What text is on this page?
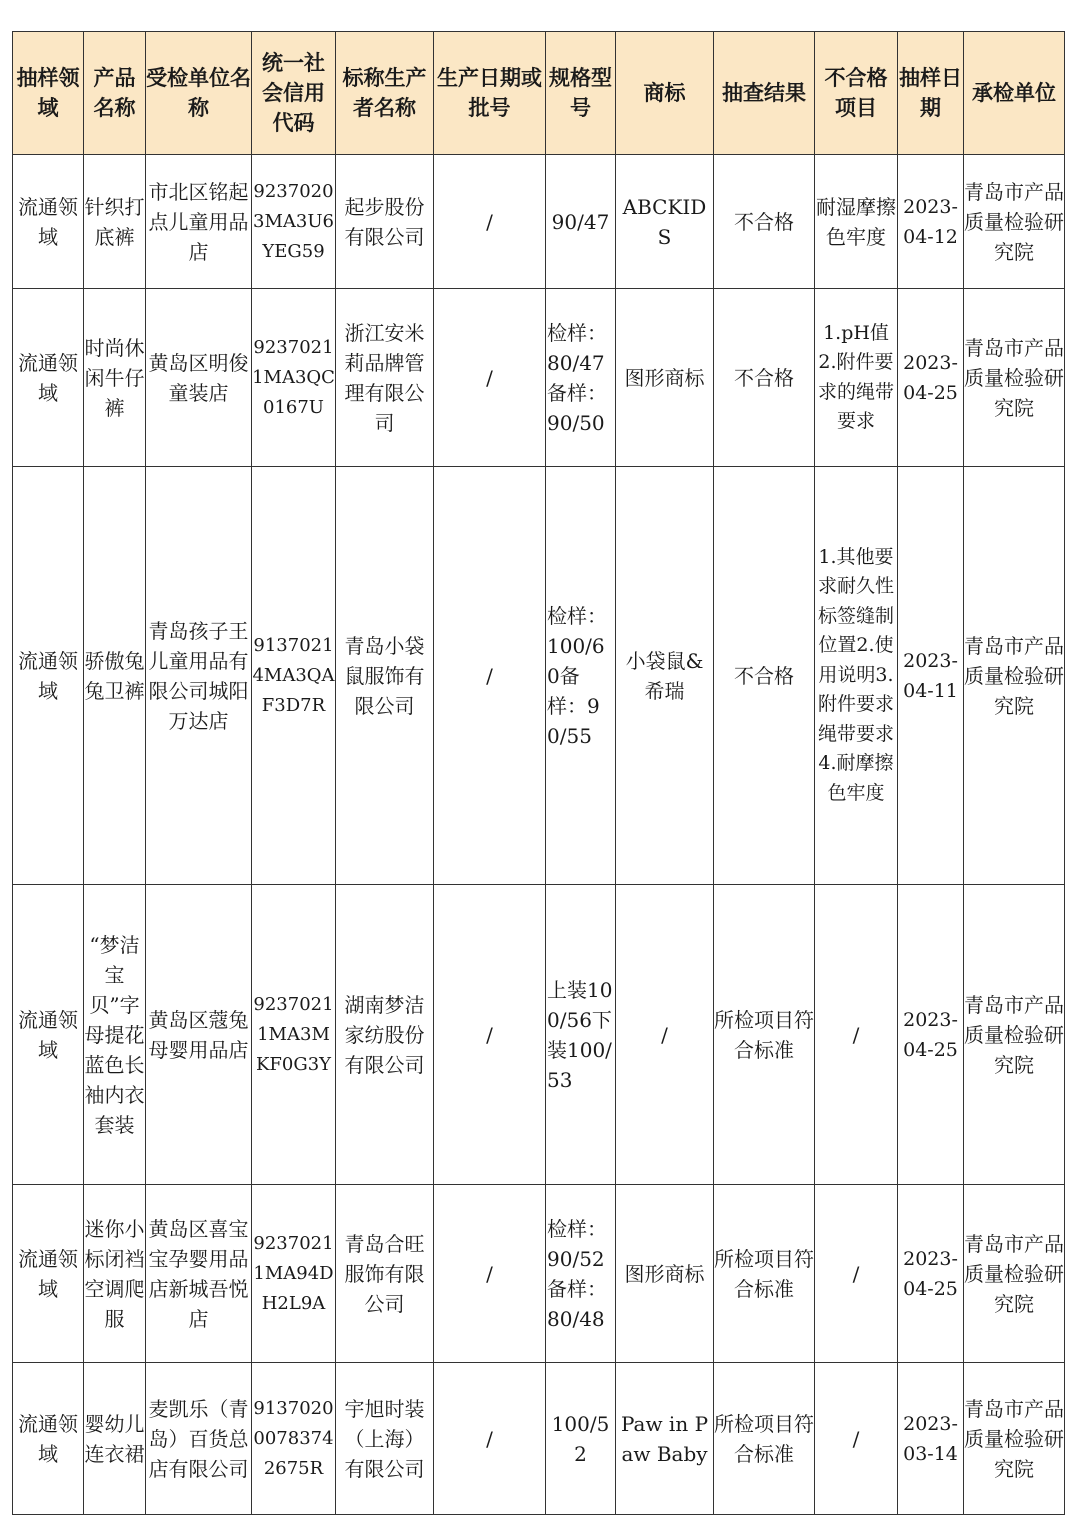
抽样领域	产品名称	受检单位名称	统一社会信用代码	标称生产者名称	生产日期或批号	规格型号	商标	抽查结果	不合格项目	抽样日期	承检单位
流通领域	针织打底裤	市北区铭起点儿童用品店	92370203MA3U6YEG59	起步股份有限公司	/	90/47	ABCKIDS	不合格	耐湿摩擦色牢度	2023-04-12	青岛市产品质量检验研究院
流通领域	时尚休闲牛仔裤	黄岛区明俊童装店	92370211MA3QC0167U	浙江安米莉品牌管理有限公司	/	检样：80/47备样：90/50	图形商标	不合格	1.pH值2.附件要求的绳带要求	2023-04-25	青岛市产品质量检验研究院
流通领域	骄傲兔兔卫裤	青岛孩子王儿童用品有限公司城阳万达店	91370214MA3QAF3D7R	青岛小袋鼠服饰有限公司	/	检样：100/60备样：90/55	小袋鼠&希瑞	不合格	1.其他要求耐久性标签缝制位置2.使用说明3.附件要求绳带要求4.耐摩擦色牢度	2023-04-11	青岛市产品质量检验研究院
流通领域	“梦洁宝贝”字母提花蓝色长袖内衣套装	黄岛区蔻兔母婴用品店	92370211MA3MKF0G3Y	湖南梦洁家纺股份有限公司	/	上装100/56下装100/53	/	所检项目符合标准	/	2023-04-25	青岛市产品质量检验研究院
流通领域	迷你小标闭裆空调爬服	黄岛区喜宝宝孕婴用品店新城吾悦店	92370211MA94DH2L9A	青岛合旺服饰有限公司	/	检样：90/52备样：80/48	图形商标	所检项目符合标准	/	2023-04-25	青岛市产品质量检验研究院
流通领域	婴幼儿连衣裙	麦凯乐（青岛）百货总店有限公司	913702000783742675R	宇旭时装（上海）有限公司	/	100/52	Paw in Paw Baby	所检项目符合标准	/	2023-03-14	青岛市产品质量检验研究院
